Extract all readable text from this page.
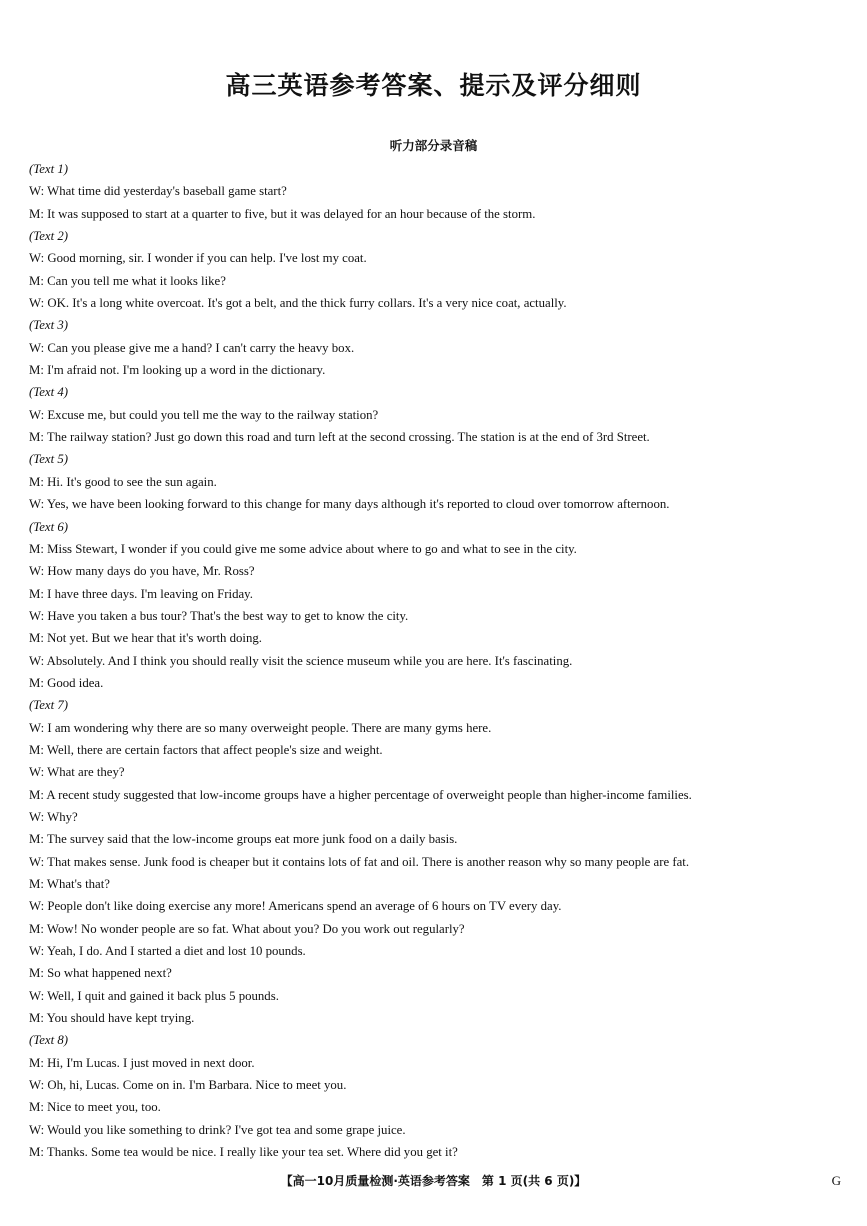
高三英语参考答案、提示及评分细则
听力部分录音稿
(Text 1)
W: What time did yesterday's baseball game start?
M: It was supposed to start at a quarter to five, but it was delayed for an hour because of the storm.
(Text 2)
W: Good morning, sir. I wonder if you can help. I've lost my coat.
M: Can you tell me what it looks like?
W: OK. It's a long white overcoat. It's got a belt, and the thick furry collars. It's a very nice coat, actually.
(Text 3)
W: Can you please give me a hand? I can't carry the heavy box.
M: I'm afraid not. I'm looking up a word in the dictionary.
(Text 4)
W: Excuse me, but could you tell me the way to the railway station?
M: The railway station? Just go down this road and turn left at the second crossing. The station is at the end of 3rd Street.
(Text 5)
M: Hi. It's good to see the sun again.
W: Yes, we have been looking forward to this change for many days although it's reported to cloud over tomorrow afternoon.
(Text 6)
M: Miss Stewart, I wonder if you could give me some advice about where to go and what to see in the city.
W: How many days do you have, Mr. Ross?
M: I have three days. I'm leaving on Friday.
W: Have you taken a bus tour? That's the best way to get to know the city.
M: Not yet. But we hear that it's worth doing.
W: Absolutely. And I think you should really visit the science museum while you are here. It's fascinating.
M: Good idea.
(Text 7)
W: I am wondering why there are so many overweight people. There are many gyms here.
M: Well, there are certain factors that affect people's size and weight.
W: What are they?
M: A recent study suggested that low-income groups have a higher percentage of overweight people than higher-income families.
W: Why?
M: The survey said that the low-income groups eat more junk food on a daily basis.
W: That makes sense. Junk food is cheaper but it contains lots of fat and oil. There is another reason why so many people are fat.
M: What's that?
W: People don't like doing exercise any more! Americans spend an average of 6 hours on TV every day.
M: Wow! No wonder people are so fat. What about you? Do you work out regularly?
W: Yeah, I do. And I started a diet and lost 10 pounds.
M: So what happened next?
W: Well, I quit and gained it back plus 5 pounds.
M: You should have kept trying.
(Text 8)
M: Hi, I'm Lucas. I just moved in next door.
W: Oh, hi, Lucas. Come on in. I'm Barbara. Nice to meet you.
M: Nice to meet you, too.
W: Would you like something to drink? I've got tea and some grape juice.
M: Thanks. Some tea would be nice. I really like your tea set. Where did you get it?
【高一10月质量检测·英语参考答案　第 1 页(共 6 页)】	G
